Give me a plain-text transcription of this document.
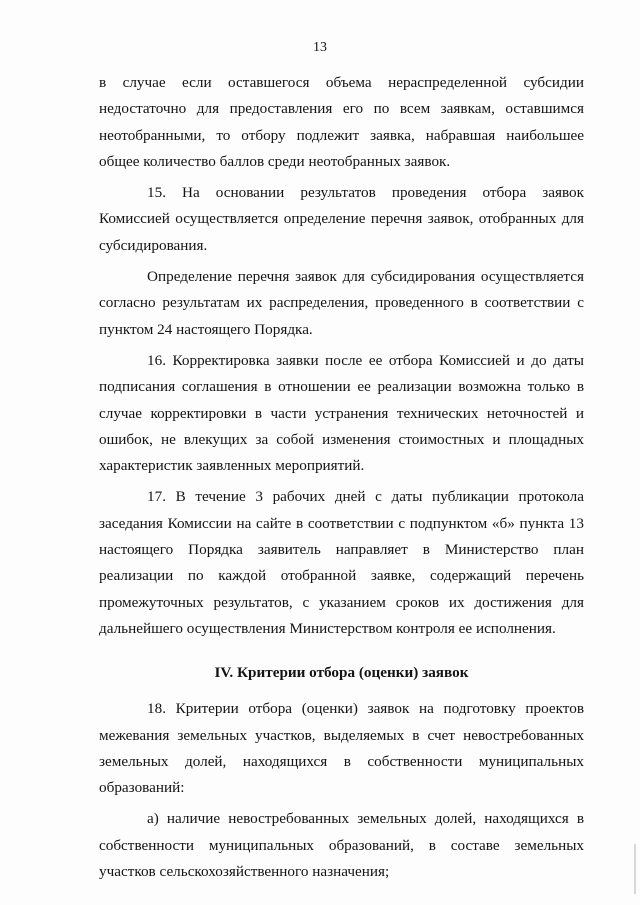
13

в случае если оставшегося объема нераспределенной субсидии недостаточно для предоставления его по всем заявкам, оставшимся неотобранными, то отбору подлежит заявка, набравшая наибольшее общее количество баллов среди неотобранных заявок.

15. На основании результатов проведения отбора заявок Комиссией осуществляется определение перечня заявок, отобранных для субсидирования.

Определение перечня заявок для субсидирования осуществляется согласно результатам их распределения, проведенного в соответствии с пунктом 24 настоящего Порядка.

16. Корректировка заявки после ее отбора Комиссией и до даты подписания соглашения в отношении ее реализации возможна только в случае корректировки в части устранения технических неточностей и ошибок, не влекущих за собой изменения стоимостных и площадных характеристик заявленных мероприятий.

17. В течение 3 рабочих дней с даты публикации протокола заседания Комиссии на сайте в соответствии с подпунктом «б» пункта 13 настоящего Порядка заявитель направляет в Министерство план реализации по каждой отобранной заявке, содержащий перечень промежуточных результатов, с указанием сроков их достижения для дальнейшего осуществления Министерством контроля ее исполнения.

IV. Критерии отбора (оценки) заявок

18. Критерии отбора (оценки) заявок на подготовку проектов межевания земельных участков, выделяемых в счет невостребованных земельных долей, находящихся в собственности муниципальных образований:

а) наличие невостребованных земельных долей, находящихся в собственности муниципальных образований, в составе земельных участков сельскохозяйственного назначения;
